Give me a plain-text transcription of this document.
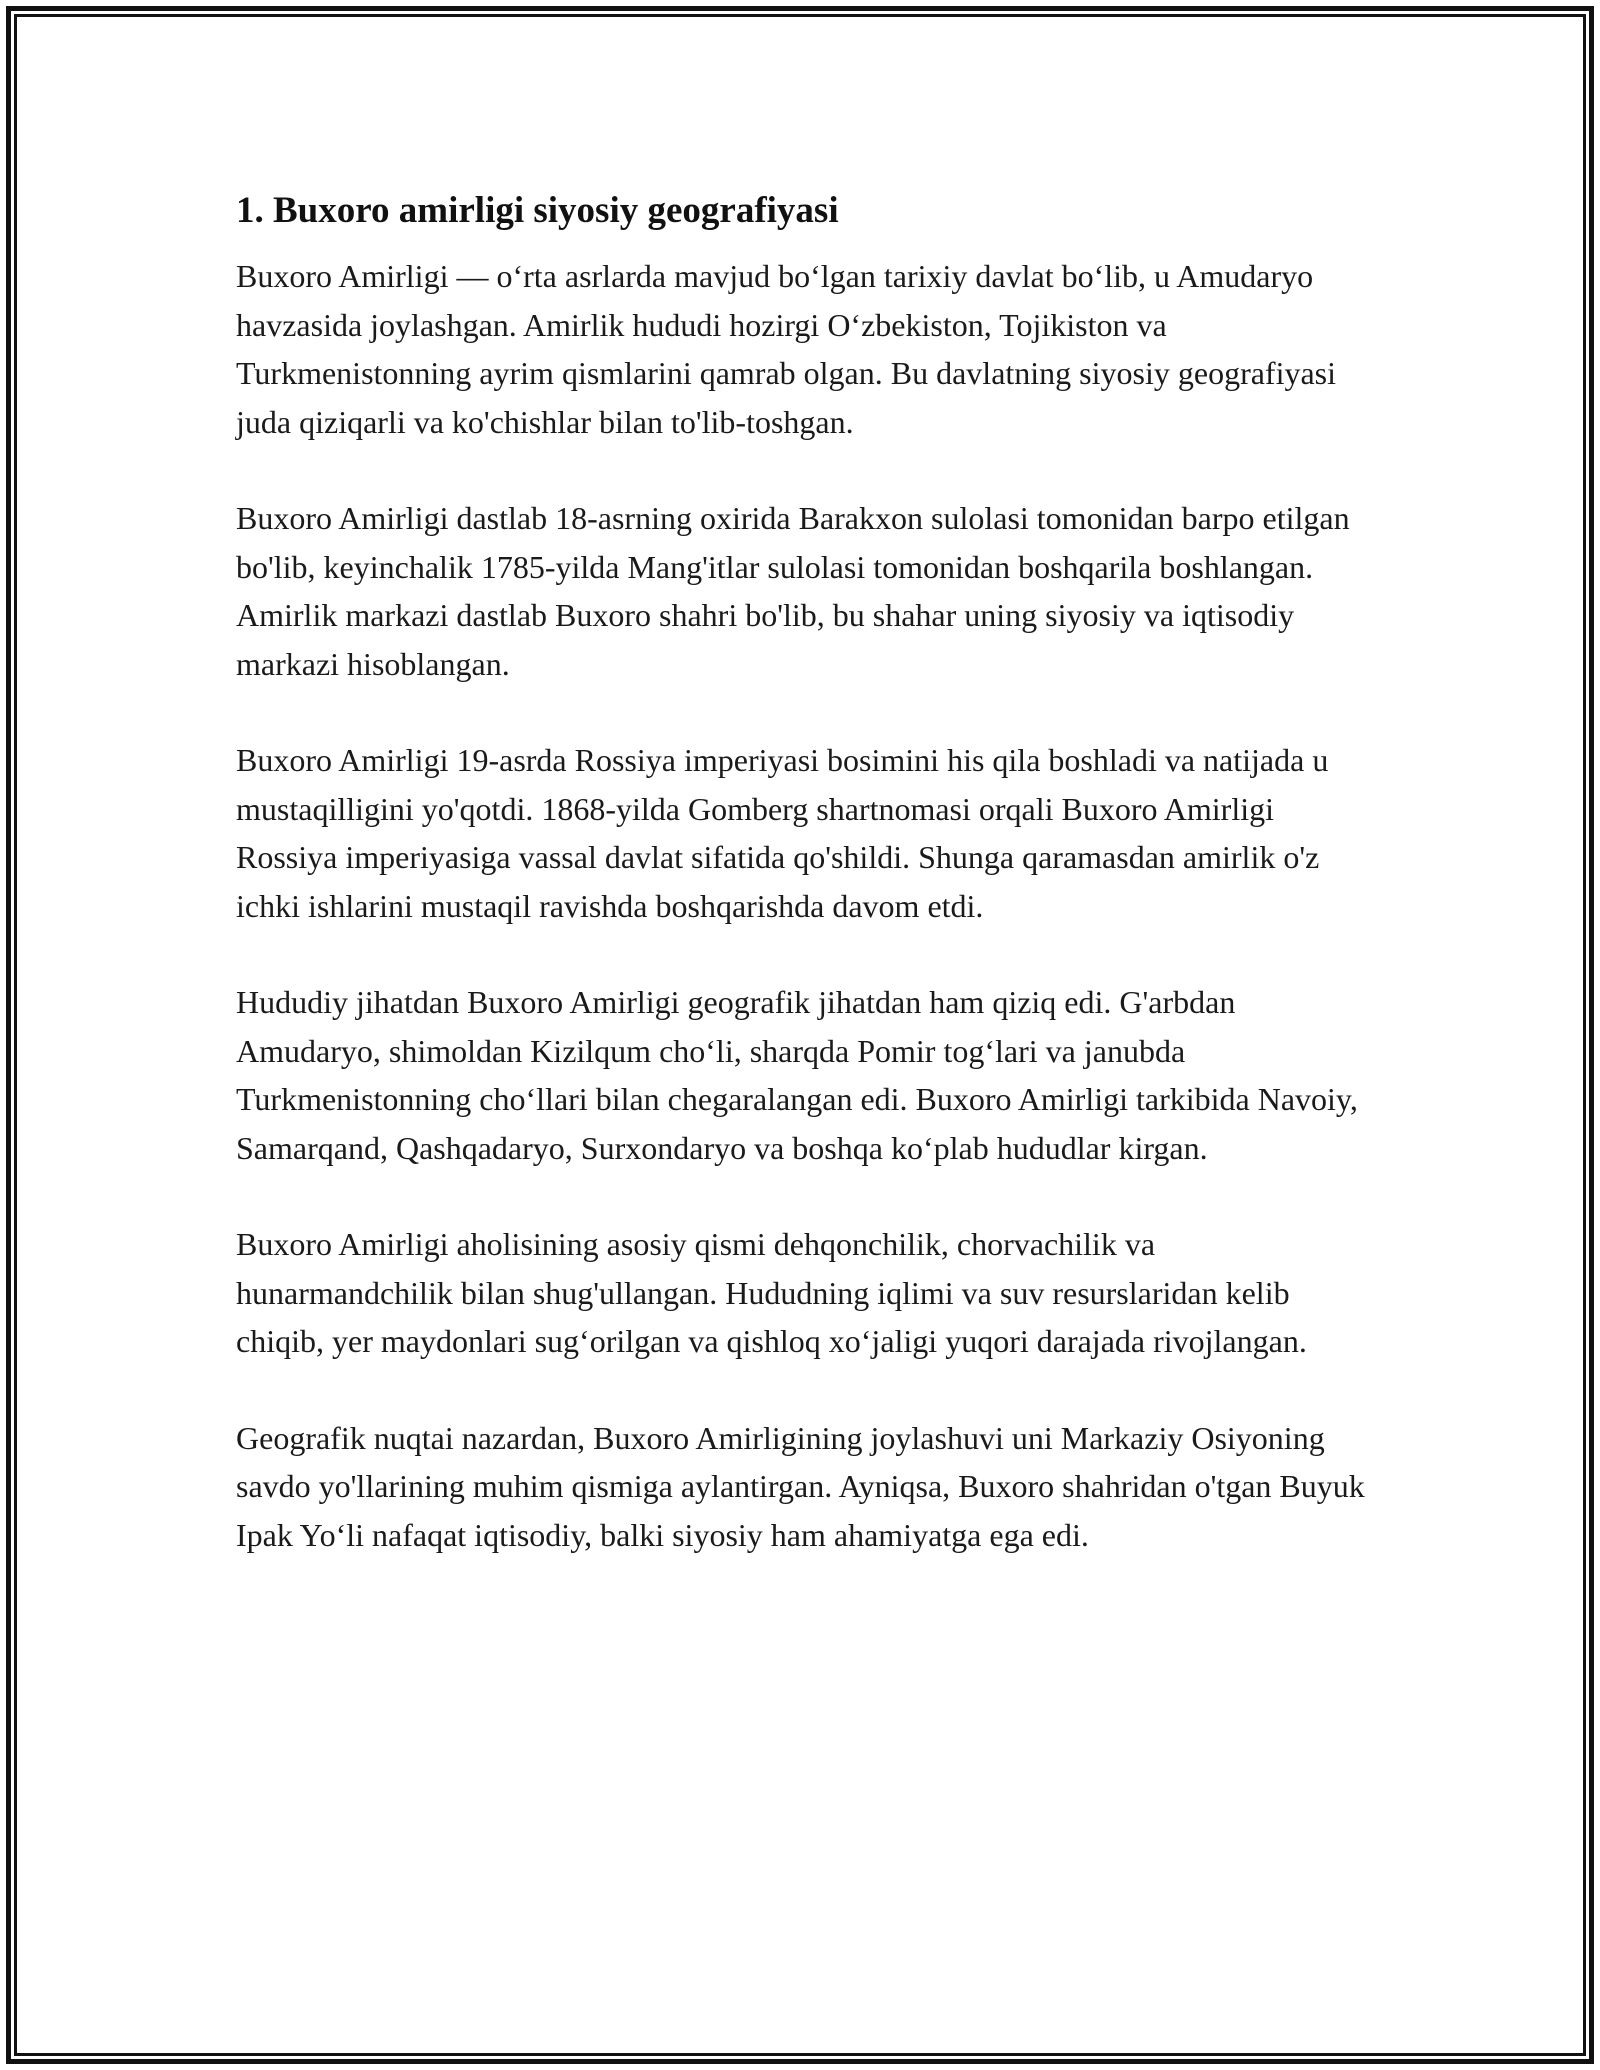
1. Buxoro amirligi siyosiy geografiyasi

Buxoro Amirligi — o‘rta asrlarda mavjud bo‘lgan tarixiy davlat bo‘lib, u Amudaryo havzasida joylashgan. Amirlik hududi hozirgi O‘zbekiston, Tojikiston va Turkmenistonning ayrim qismlarini qamrab olgan. Bu davlatning siyosiy geografiyasi juda qiziqarli va ko'chishlar bilan to'lib-toshgan.

Buxoro Amirligi dastlab 18-asrning oxirida Barakxon sulolasi tomonidan barpo etilgan bo'lib, keyinchalik 1785-yilda Mang'itlar sulolasi tomonidan boshqarila boshlangan. Amirlik markazi dastlab Buxoro shahri bo'lib, bu shahar uning siyosiy va iqtisodiy markazi hisoblangan.

Buxoro Amirligi 19-asrda Rossiya imperiyasi bosimini his qila boshladi va natijada u mustaqilligini yo'qotdi. 1868-yilda Gomberg shartnomasi orqali Buxoro Amirligi Rossiya imperiyasiga vassal davlat sifatida qo'shildi. Shunga qaramasdan amirlik o'z ichki ishlarini mustaqil ravishda boshqarishda davom etdi.

Hududiy jihatdan Buxoro Amirligi geografik jihatdan ham qiziq edi. G'arbdan Amudaryo, shimoldan Kizilqum cho‘li, sharqda Pomir tog‘lari va janubda Turkmenistonning cho‘llari bilan chegaralangan edi. Buxoro Amirligi tarkibida Navoiy, Samarqand, Qashqadaryo, Surxondaryo va boshqa ko‘plab hududlar kirgan.

Buxoro Amirligi aholisining asosiy qismi dehqonchilik, chorvachilik va hunarmandchilik bilan shug'ullangan. Hududning iqlimi va suv resurslaridan kelib chiqib, yer maydonlari sug‘orilgan va qishloq xo‘jaligi yuqori darajada rivojlangan.

Geografik nuqtai nazardan, Buxoro Amirligining joylashuvi uni Markaziy Osiyoning savdo yo'llarining muhim qismiga aylantirgan. Ayniqsa, Buxoro shahridan o'tgan Buyuk Ipak Yo‘li nafaqat iqtisodiy, balki siyosiy ham ahamiyatga ega edi.
